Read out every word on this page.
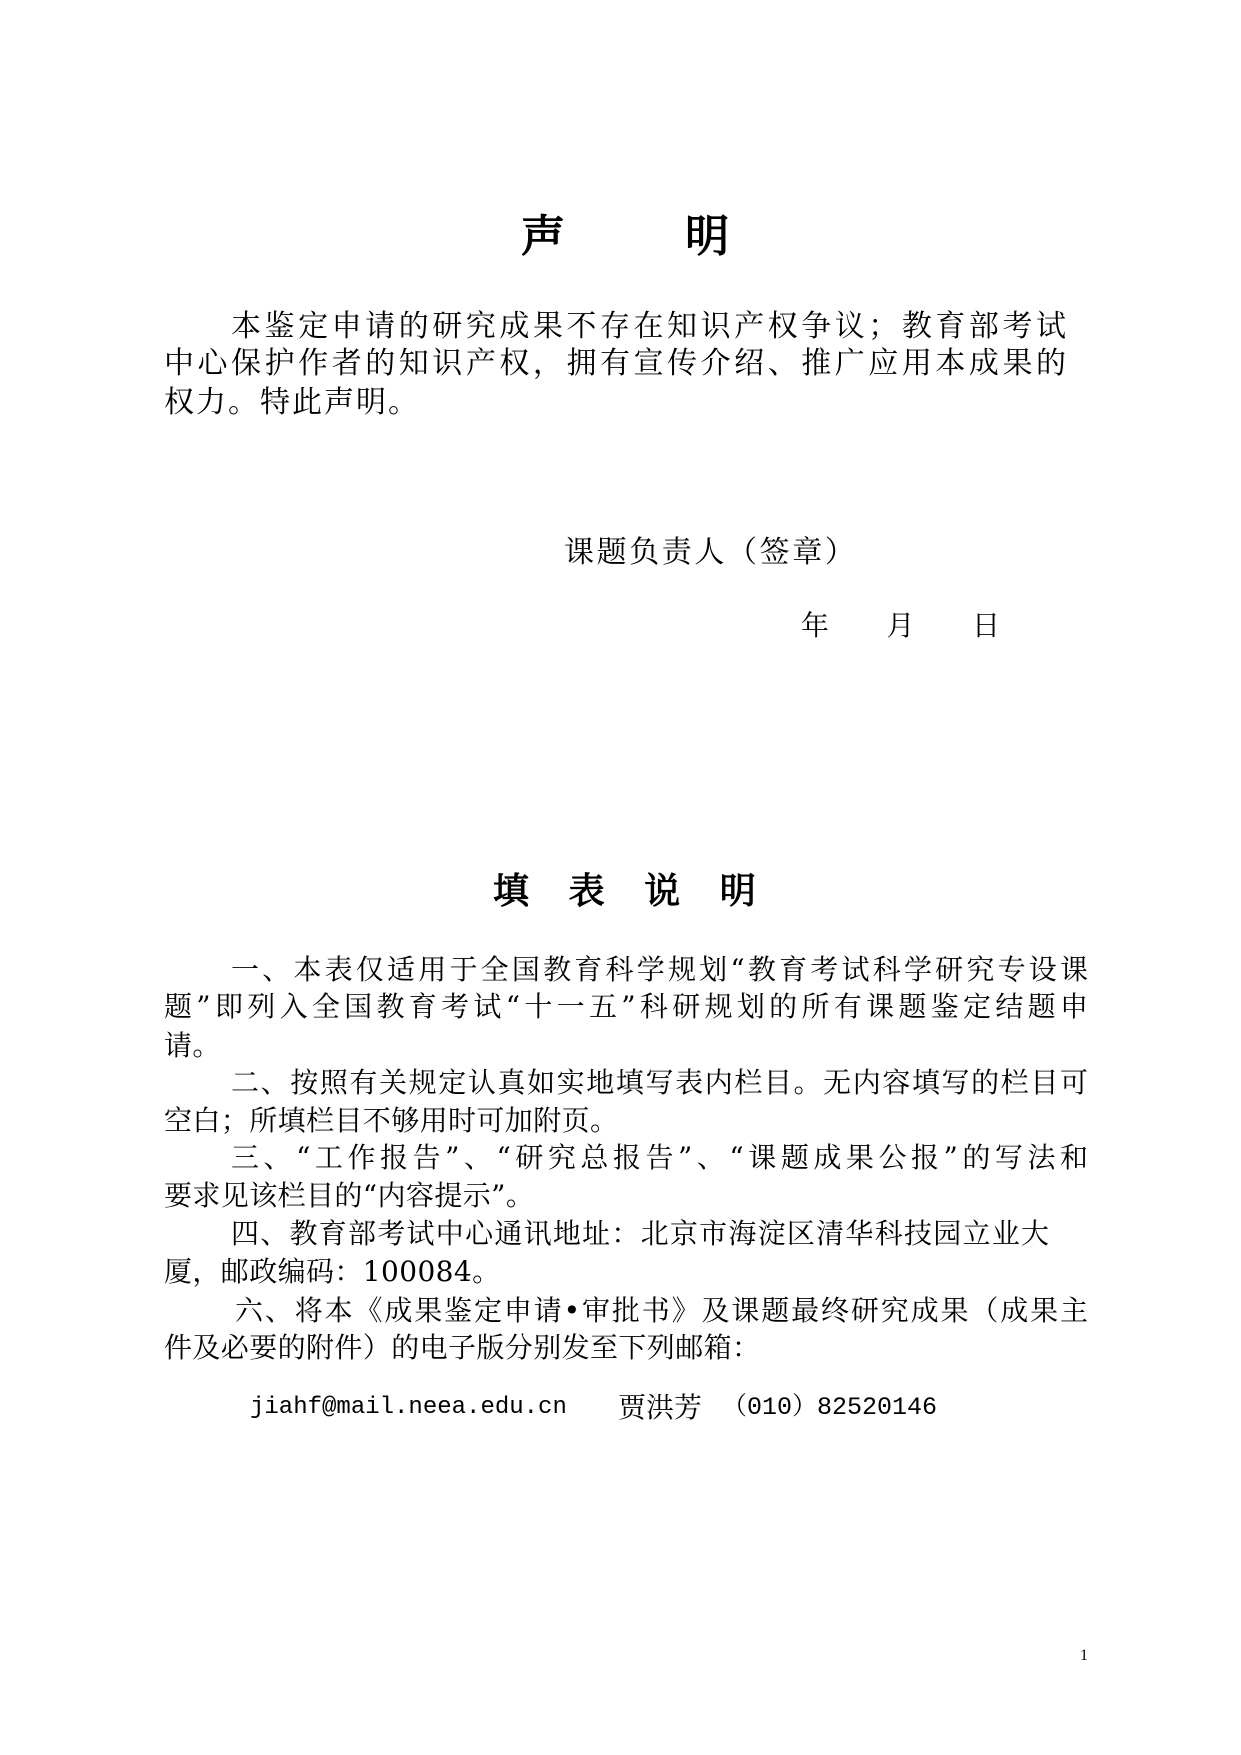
声　　明
本鉴定申请的研究成果不存在知识产权争议；教育部考试
中心保护作者的知识产权，拥有宣传介绍、推广应用本成果的
权力。特此声明。
课题负责人（签章）
年　　月　　日
填　表　说　明
一、本表仅适用于全国教育科学规划“教育考试科学研究专设课
题”即列入全国教育考试“十一五”科研规划的所有课题鉴定结题申
请。
二、按照有关规定认真如实地填写表内栏目。无内容填写的栏目可
空白；所填栏目不够用时可加附页。
三、“工作报告”、“研究总报告”、“课题成果公报”的写法和
要求见该栏目的“内容提示”。
四、教育部考试中心通讯地址：北京市海淀区清华科技园立业大
厦，邮政编码：100084。
六、将本《成果鉴定申请•审批书》及课题最终研究成果（成果主
件及必要的附件）的电子版分别发至下列邮箱：
jiahf@mail.neea.edu.cn 贾洪芳 （010）82520146
1
